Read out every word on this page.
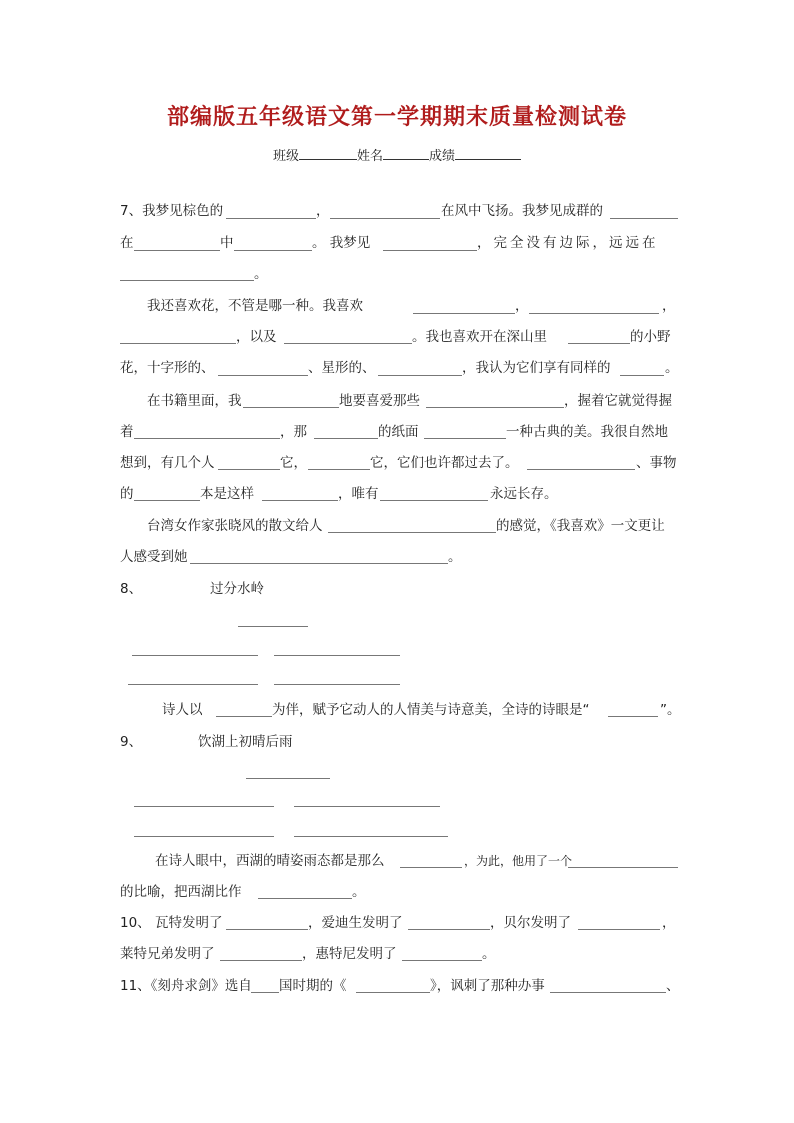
部编版五年级语文第一学期期末质量检测试卷
班级	姓名	成绩
7、我梦见棕色的	，	在风中飞扬。我梦见成群的
在	中	。 我梦见	，完全没有边际，远远在
。
我还喜欢花，不管是哪一种。我喜欢	，	，
，以及	。我也喜欢开在深山里	的小野
花，十字形的、	、星形的、	，我认为它们享有同样的	。
在书籍里面，我	地要喜爱那些	，握着它就觉得握
着	，那	的纸面	一种古典的美。我很自然地
想到，有几个人	它，	它，它们也许都过去了。	、事物
的	本是这样	，唯有	永远长存。
台湾女作家张晓风的散文给人	的感觉，《我喜欢》一文更让
人感受到她	。
8、	过分水岭
诗人以	为伴，赋予它动人的人情美与诗意美，全诗的诗眼是“	”。
9、	饮湖上初晴后雨
在诗人眼中，西湖的晴姿雨态都是那么	，为此，他用了一个
的比喻，把西湖比作	。
10、 瓦特发明了	，爱迪生发明了	，贝尔发明了	，
莱特兄弟发明了	，惠特尼发明了	。
11、《刻舟求剑》选自 国时期的《	》，讽刺了那种办事	、
